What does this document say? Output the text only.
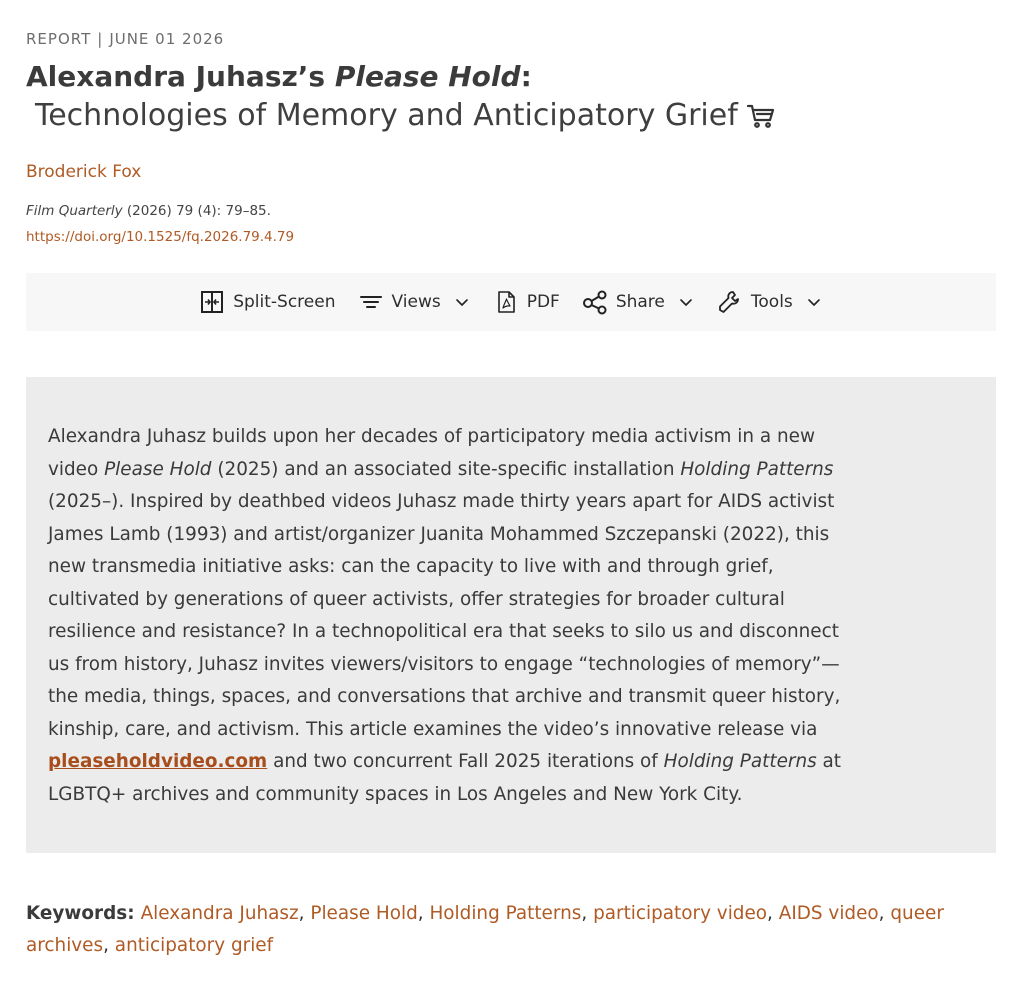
REPORT | JUNE 01 2026
Alexandra Juhasz’s Please Hold:
Technologies of Memory and Anticipatory Grief
Broderick Fox
Film Quarterly (2026) 79 (4): 79–85.
https://doi.org/10.1525/fq.2026.79.4.79
Split-Screen	Views	PDF	Share	Tools

Alexandra Juhasz builds upon her decades of participatory media activism in a new
video Please Hold (2025) and an associated site-specific installation Holding Patterns
(2025–). Inspired by deathbed videos Juhasz made thirty years apart for AIDS activist
James Lamb (1993) and artist/organizer Juanita Mohammed Szczepanski (2022), this
new transmedia initiative asks: can the capacity to live with and through grief,
cultivated by generations of queer activists, offer strategies for broader cultural
resilience and resistance? In a technopolitical era that seeks to silo us and disconnect
us from history, Juhasz invites viewers/visitors to engage “technologies of memory”—
the media, things, spaces, and conversations that archive and transmit queer history,
kinship, care, and activism. This article examines the video’s innovative release via
pleaseholdvideo.com and two concurrent Fall 2025 iterations of Holding Patterns at
LGBTQ+ archives and community spaces in Los Angeles and New York City.

Keywords: Alexandra Juhasz, Please Hold, Holding Patterns, participatory video, AIDS video, queer archives, anticipatory grief
